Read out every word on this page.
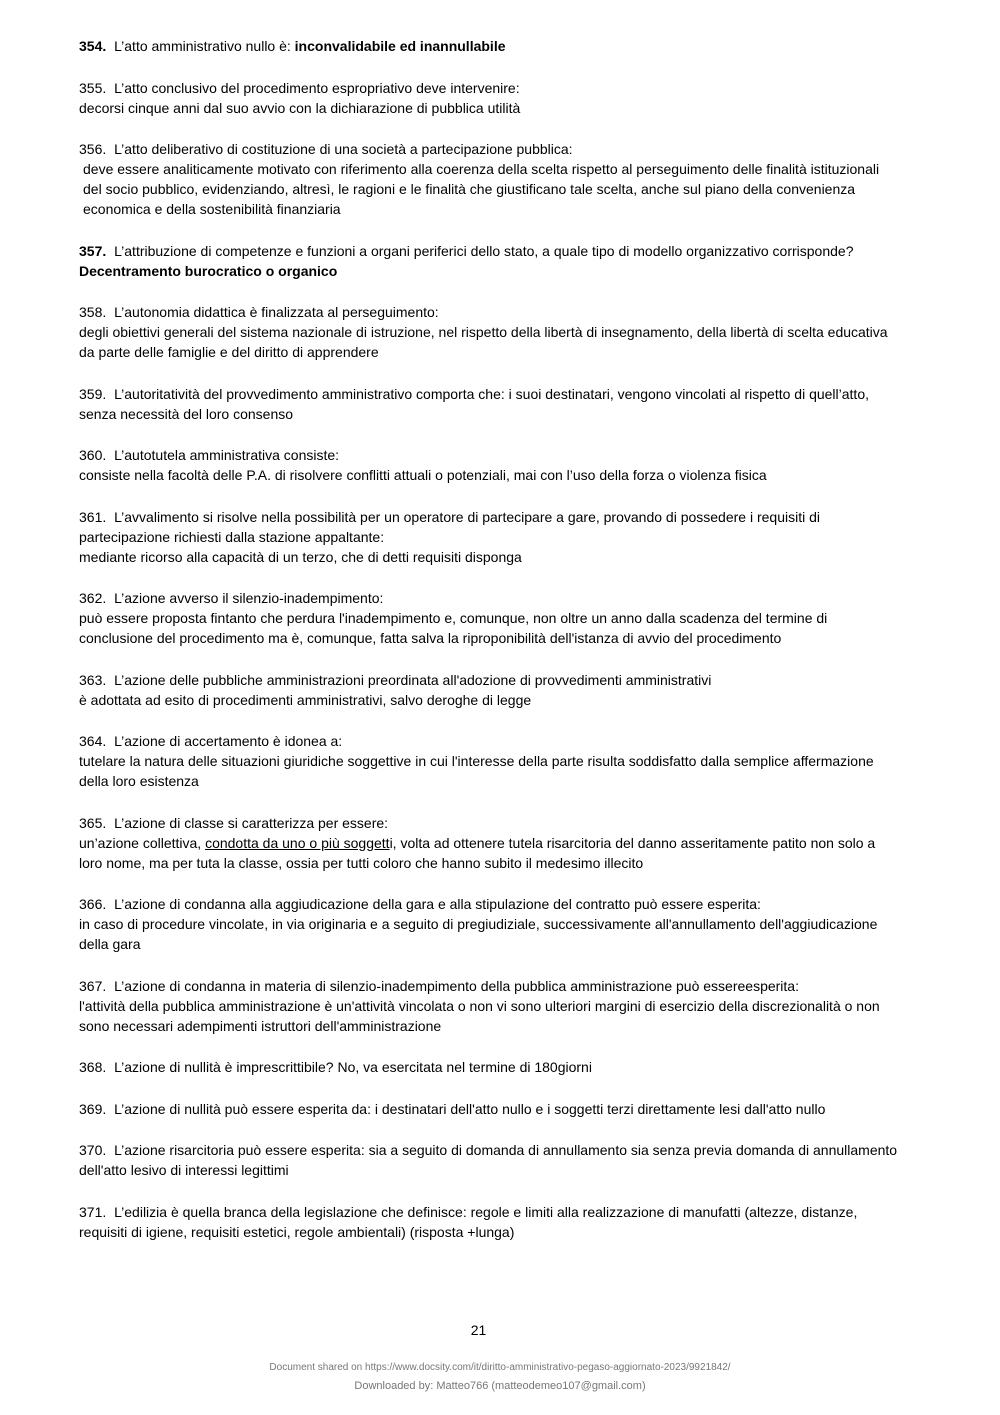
354. L’atto amministrativo nullo è: inconvalidabile ed inannullabile

355. L’atto conclusivo del procedimento espropriativo deve intervenire:

decorsi cinque anni dal suo avvio con la dichiarazione di pubblica utilità

356. L’atto deliberativo di costituzione di una società a partecipazione pubblica:

deve essere analiticamente motivato con riferimento alla coerenza della scelta rispetto al perseguimento delle finalità istituzionali del socio pubblico, evidenziando, altresì, le ragioni e le finalità che giustificano tale scelta, anche sul piano della convenienza economica e della sostenibilità finanziaria

357. L’attribuzione di competenze e funzioni a organi periferici dello stato, a quale tipo di modello organizzativo corrisponde? Decentramento burocratico o organico

358. L’autonomia didattica è finalizzata al perseguimento:

degli obiettivi generali del sistema nazionale di istruzione, nel rispetto della libertà di insegnamento, della libertà di scelta educativa da parte delle famiglie e del diritto di apprendere

359. L’autoritatività del provvedimento amministrativo comporta che: i suoi destinatari, vengono vincolati al rispetto di quell’atto, senza necessità del loro consenso

360. L’autotutela amministrativa consiste:

consiste nella facoltà delle P.A. di risolvere conflitti attuali o potenziali, mai con l’uso della forza o violenza fisica

361. L’avvalimento si risolve nella possibilità per un operatore di partecipare a gare, provando di possedere i requisiti di partecipazione richiesti dalla stazione appaltante:

mediante ricorso alla capacità di un terzo, che di detti requisiti disponga

362. L’azione avverso il silenzio-inadempimento:

può essere proposta fintanto che perdura l'inadempimento e, comunque, non oltre un anno dalla scadenza del termine di conclusione del procedimento ma è, comunque, fatta salva la riproponibilità dell'istanza di avvio del procedimento

363. L’azione delle pubbliche amministrazioni preordinata all'adozione di provvedimenti amministrativi

è adottata ad esito di procedimenti amministrativi, salvo deroghe di legge

364. L’azione di accertamento è idonea a:

tutelare la natura delle situazioni giuridiche soggettive in cui l'interesse della parte risulta soddisfatto dalla semplice affermazione della loro esistenza

365. L’azione di classe si caratterizza per essere:

un’azione collettiva, condotta da uno o più soggetti, volta ad ottenere tutela risarcitoria del danno asseritamente patito non solo a loro nome, ma per tuta la classe, ossia per tutti coloro che hanno subito il medesimo illecito

366. L’azione di condanna alla aggiudicazione della gara e alla stipulazione del contratto può essere esperita:

in caso di procedure vincolate, in via originaria e a seguito di pregiudiziale, successivamente all'annullamento dell'aggiudicazione della gara

367. L’azione di condanna in materia di silenzio-inadempimento della pubblica amministrazione può essereesperita:

l'attività della pubblica amministrazione è un'attività vincolata o non vi sono ulteriori margini di esercizio della discrezionalità o non sono necessari adempimenti istruttori dell'amministrazione

368. L’azione di nullità è imprescrittibile? No, va esercitata nel termine di 180giorni

369. L’azione di nullità può essere esperita da: i destinatari dell'atto nullo e i soggetti terzi direttamente lesi dall'atto nullo

370. L’azione risarcitoria può essere esperita: sia a seguito di domanda di annullamento sia senza previa domanda di annullamento dell'atto lesivo di interessi legittimi

371. L’edilizia è quella branca della legislazione che definisce: regole e limiti alla realizzazione di manufatti (altezze, distanze, requisiti di igiene, requisiti estetici, regole ambientali) (risposta +lunga)

21
Document shared on https://www.docsity.com/it/diritto-amministrativo-pegaso-aggiornato-2023/9921842/
Downloaded by: Matteo766 (matteodemeo107@gmail.com)
